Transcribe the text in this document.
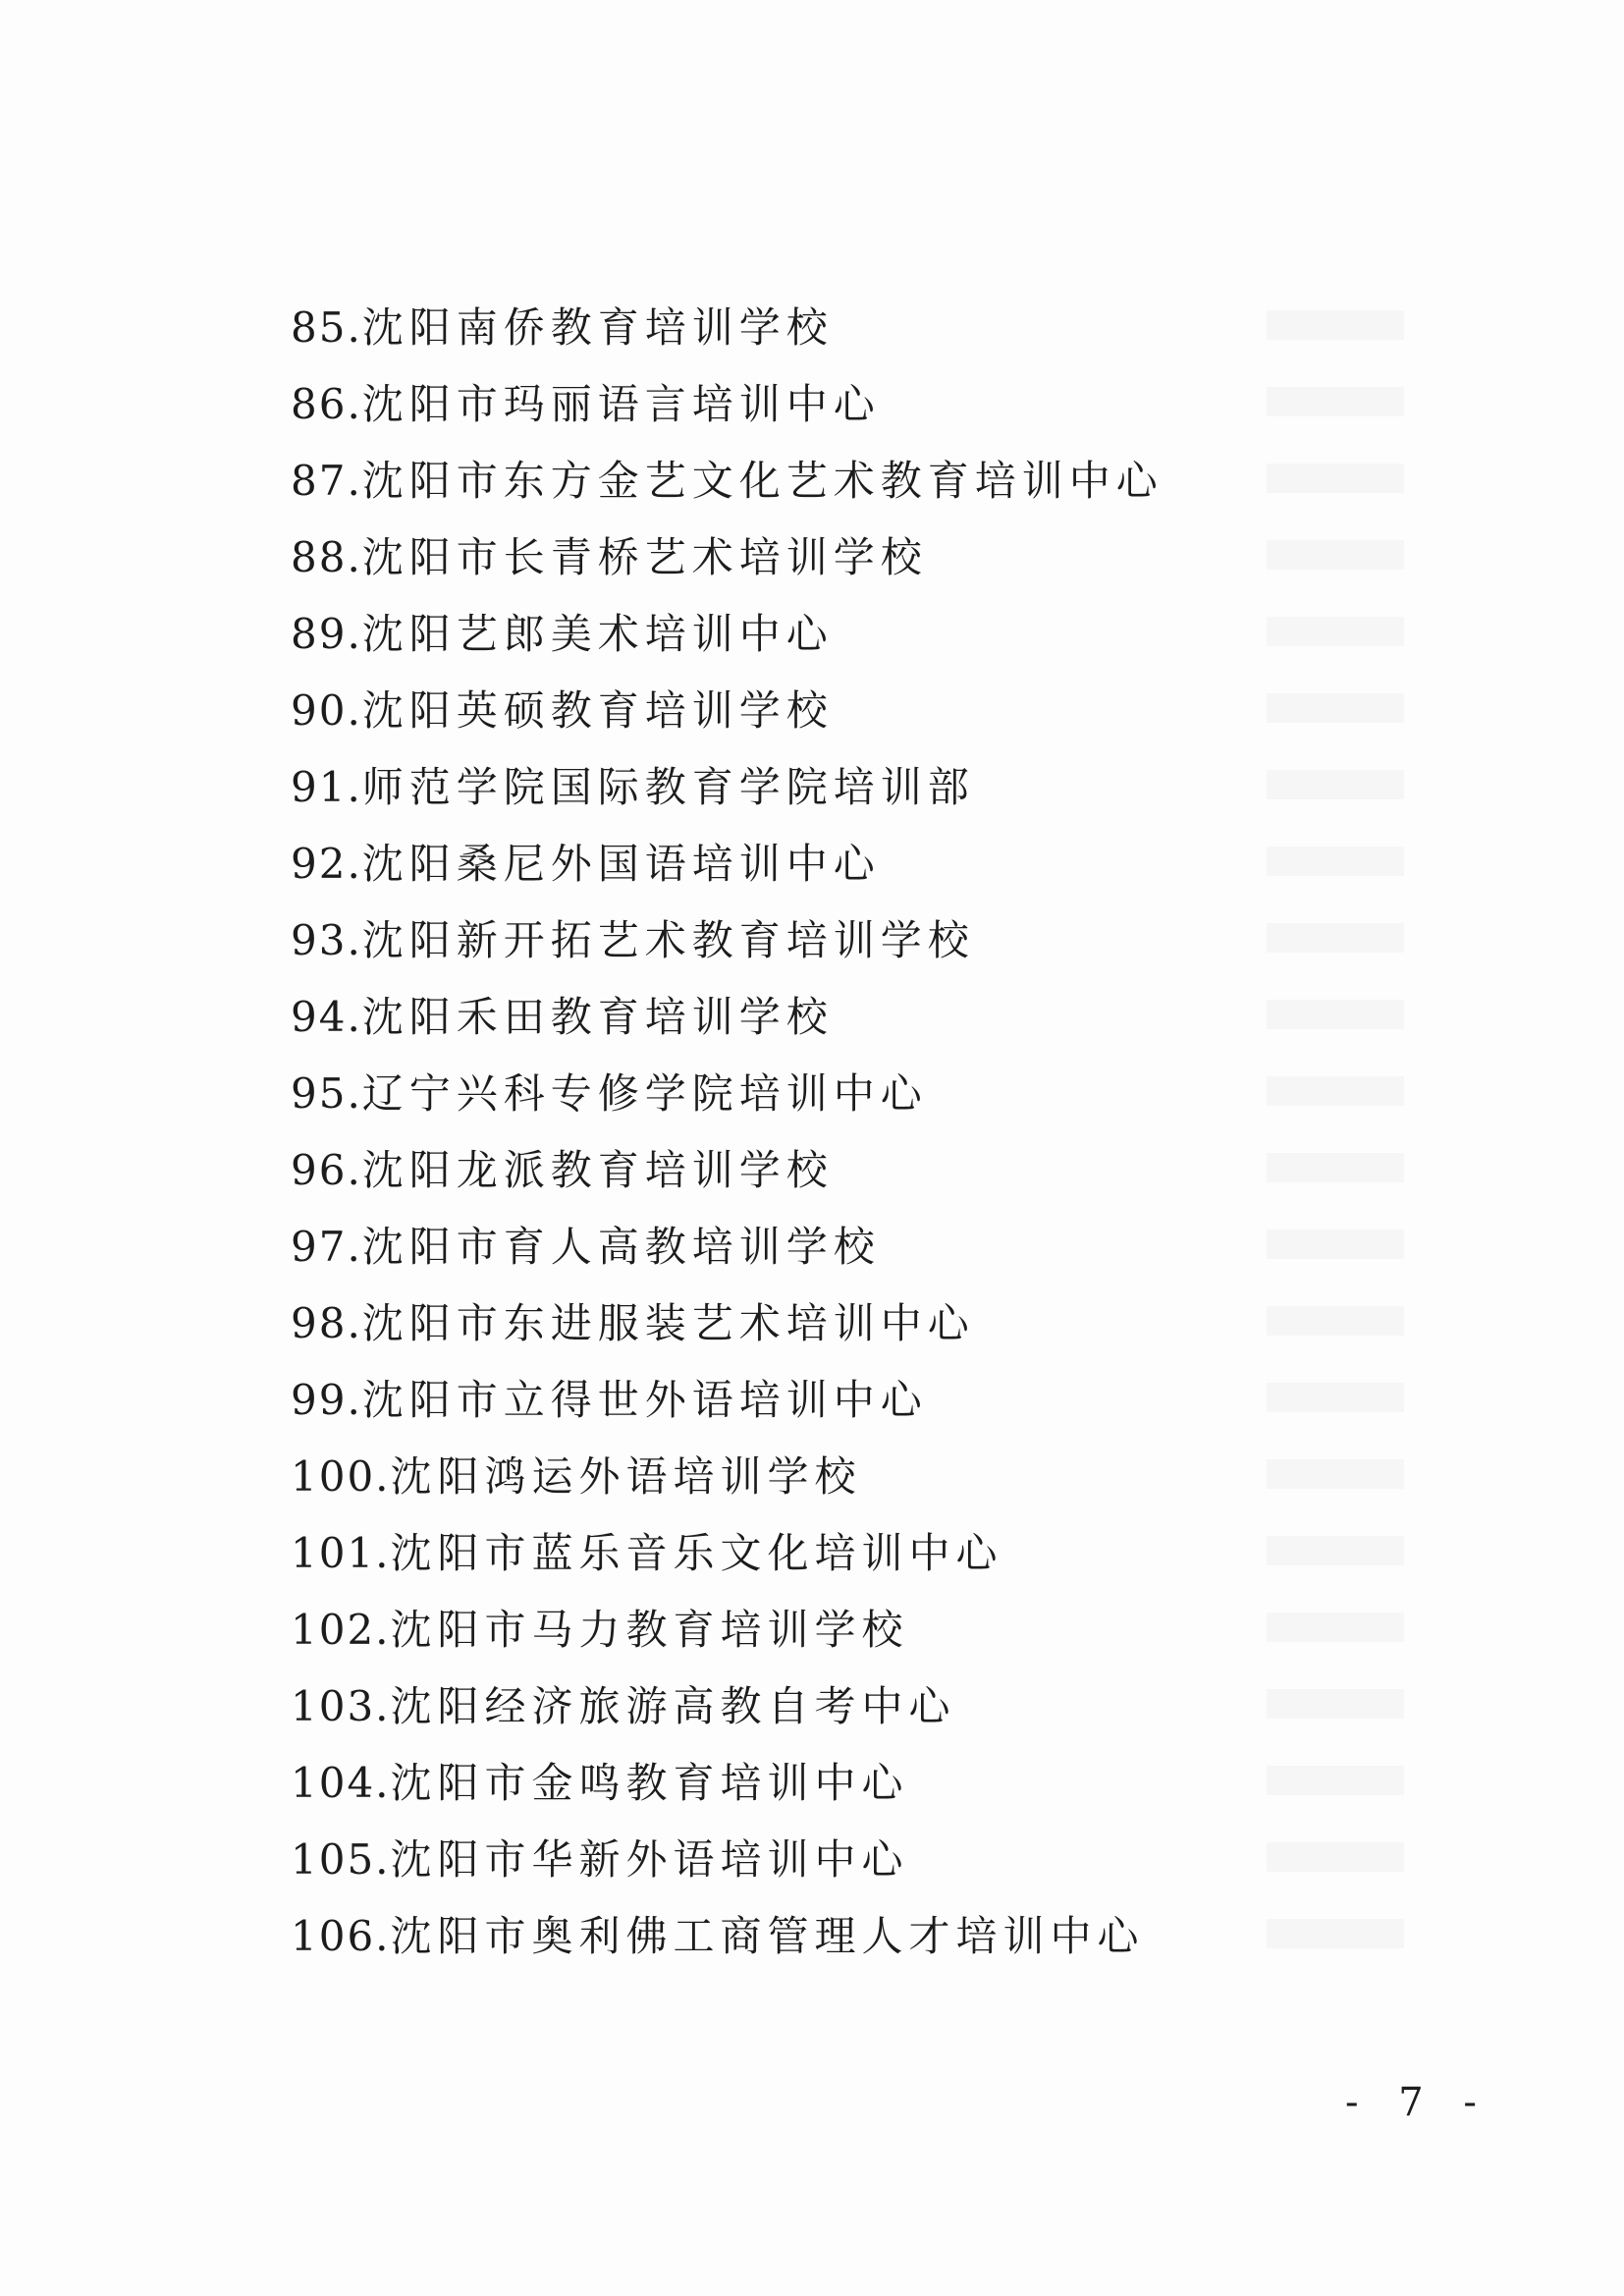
85.沈阳南侨教育培训学校
86.沈阳市玛丽语言培训中心
87.沈阳市东方金艺文化艺术教育培训中心
88.沈阳市长青桥艺术培训学校
89.沈阳艺郎美术培训中心
90.沈阳英硕教育培训学校
91.师范学院国际教育学院培训部
92.沈阳桑尼外国语培训中心
93.沈阳新开拓艺术教育培训学校
94.沈阳禾田教育培训学校
95.辽宁兴科专修学院培训中心
96.沈阳龙派教育培训学校
97.沈阳市育人高教培训学校
98.沈阳市东进服装艺术培训中心
99.沈阳市立得世外语培训中心
100.沈阳鸿运外语培训学校
101.沈阳市蓝乐音乐文化培训中心
102.沈阳市马力教育培训学校
103.沈阳经济旅游高教自考中心
104.沈阳市金鸣教育培训中心
105.沈阳市华新外语培训中心
106.沈阳市奥利佛工商管理人才培训中心
- 7 -
